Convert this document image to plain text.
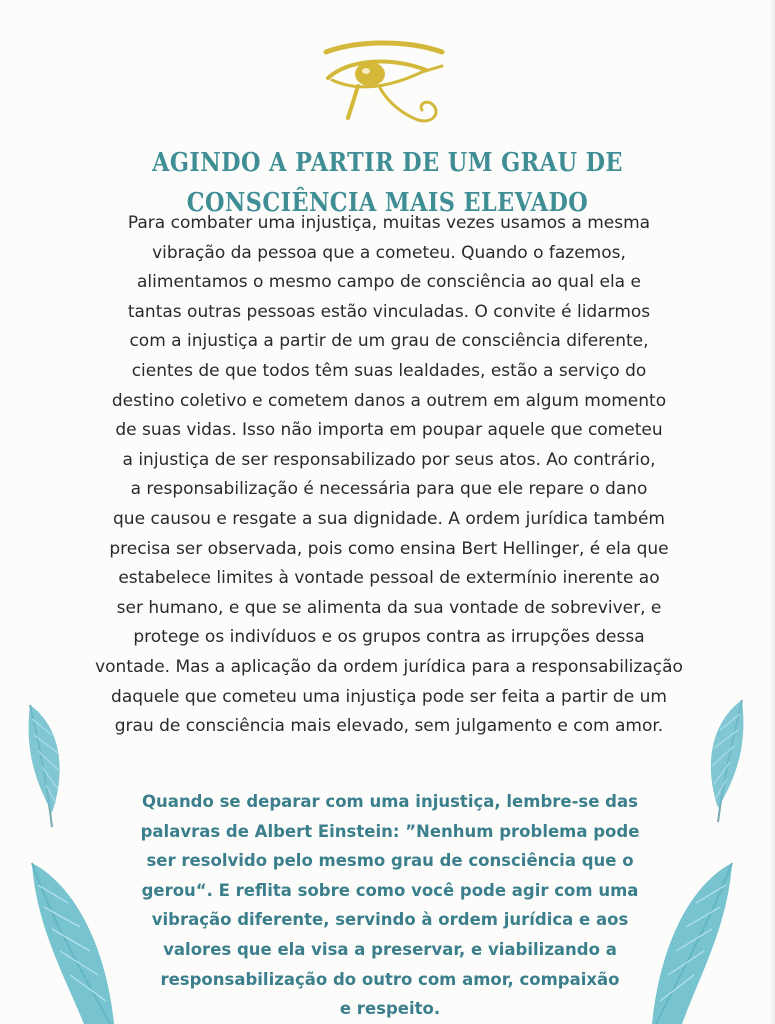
AGINDO A PARTIR DE UM GRAU DE CONSCIÊNCIA MAIS ELEVADO
Para combater uma injustiça, muitas vezes usamos a mesma
vibração da pessoa que a cometeu. Quando o fazemos,
alimentamos o mesmo campo de consciência ao qual ela e
tantas outras pessoas estão vinculadas. O convite é lidarmos
com a injustiça a partir de um grau de consciência diferente,
cientes de que todos têm suas lealdades, estão a serviço do
destino coletivo e cometem danos a outrem em algum momento
de suas vidas. Isso não importa em poupar aquele que cometeu
a injustiça de ser responsabilizado por seus atos. Ao contrário,
a responsabilização é necessária para que ele repare o dano
que causou e resgate a sua dignidade. A ordem jurídica também
precisa ser observada, pois como ensina Bert Hellinger, é ela que
estabelece limites à vontade pessoal de extermínio inerente ao
ser humano, e que se alimenta da sua vontade de sobreviver, e
protege os indivíduos e os grupos contra as irrupções dessa
vontade. Mas a aplicação da ordem jurídica para a responsabilização
daquele que cometeu uma injustiça pode ser feita a partir de um
grau de consciência mais elevado, sem julgamento e com amor.
Quando se deparar com uma injustiça, lembre-se das
palavras de Albert Einstein: ”Nenhum problema pode
ser resolvido pelo mesmo grau de consciência que o
gerou“. E reflita sobre como você pode agir com uma
vibração diferente, servindo à ordem jurídica e aos
valores que ela visa a preservar, e viabilizando a
responsabilização do outro com amor, compaixão
e respeito.
